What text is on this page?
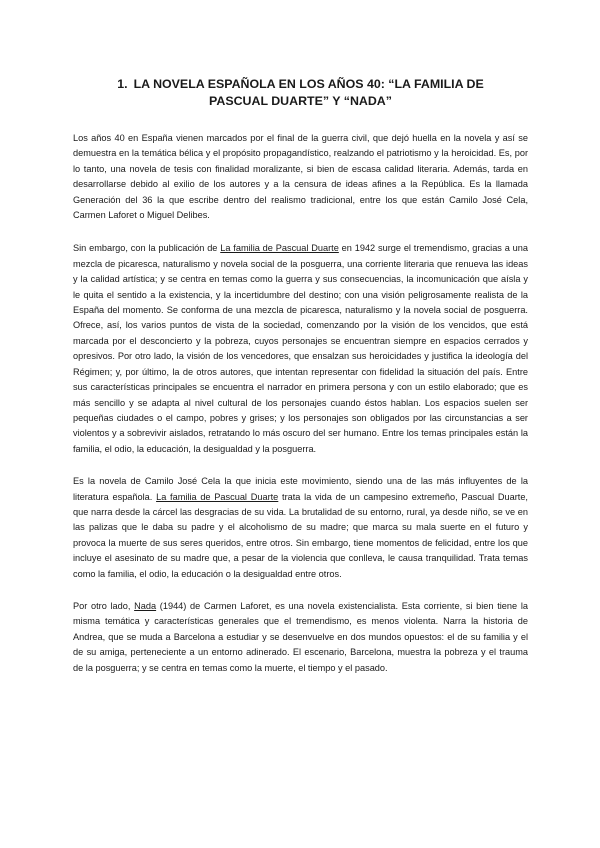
1. LA NOVELA ESPAÑOLA EN LOS AÑOS 40: “LA FAMILIA DE PASCUAL DUARTE” Y “NADA”

Los años 40 en España vienen marcados por el final de la guerra civil, que dejó huella en la novela y así se demuestra en la temática bélica y el propósito propagandístico, realzando el patriotismo y la heroicidad. Es, por lo tanto, una novela de tesis con finalidad moralizante, si bien de escasa calidad literaria. Además, tarda en desarrollarse debido al exilio de los autores y a la censura de ideas afines a la República. Es la llamada Generación del 36 la que escribe dentro del realismo tradicional, entre los que están Camilo José Cela, Carmen Laforet o Miguel Delibes.

Sin embargo, con la publicación de La familia de Pascual Duarte en 1942 surge el tremendismo, gracias a una mezcla de picaresca, naturalismo y novela social de la posguerra, una corriente literaria que renueva las ideas y la calidad artística; y se centra en temas como la guerra y sus consecuencias, la incomunicación que aísla y le quita el sentido a la existencia, y la incertidumbre del destino; con una visión peligrosamente realista de la España del momento. Se conforma de una mezcla de picaresca, naturalismo y la novela social de posguerra. Ofrece, así, los varios puntos de vista de la sociedad, comenzando por la visión de los vencidos, que está marcada por el desconcierto y la pobreza, cuyos personajes se encuentran siempre en espacios cerrados y opresivos. Por otro lado, la visión de los vencedores, que ensalzan sus heroicidades y justifica la ideología del Régimen; y, por último, la de otros autores, que intentan representar con fidelidad la situación del país. Entre sus características principales se encuentra el narrador en primera persona y con un estilo elaborado; que es más sencillo y se adapta al nivel cultural de los personajes cuando éstos hablan. Los espacios suelen ser pequeñas ciudades o el campo, pobres y grises; y los personajes son obligados por las circunstancias a ser violentos y a sobrevivir aislados, retratando lo más oscuro del ser humano. Entre los temas principales están la familia, el odio, la educación, la desigualdad y la posguerra.

Es la novela de Camilo José Cela la que inicia este movimiento, siendo una de las más influyentes de la literatura española. La familia de Pascual Duarte trata la vida de un campesino extremeño, Pascual Duarte, que narra desde la cárcel las desgracias de su vida. La brutalidad de su entorno, rural, ya desde niño, se ve en las palizas que le daba su padre y el alcoholismo de su madre; que marca su mala suerte en el futuro y provoca la muerte de sus seres queridos, entre otros. Sin embargo, tiene momentos de felicidad, entre los que incluye el asesinato de su madre que, a pesar de la violencia que conlleva, le causa tranquilidad. Trata temas como la familia, el odio, la educación o la desigualdad entre otros.

Por otro lado, Nada (1944) de Carmen Laforet, es una novela existencialista. Esta corriente, si bien tiene la misma temática y características generales que el tremendismo, es menos violenta. Narra la historia de Andrea, que se muda a Barcelona a estudiar y se desenvuelve en dos mundos opuestos: el de su familia y el de su amiga, perteneciente a un entorno adinerado. El escenario, Barcelona, muestra la pobreza y el trauma de la posguerra; y se centra en temas como la muerte, el tiempo y el pasado.
